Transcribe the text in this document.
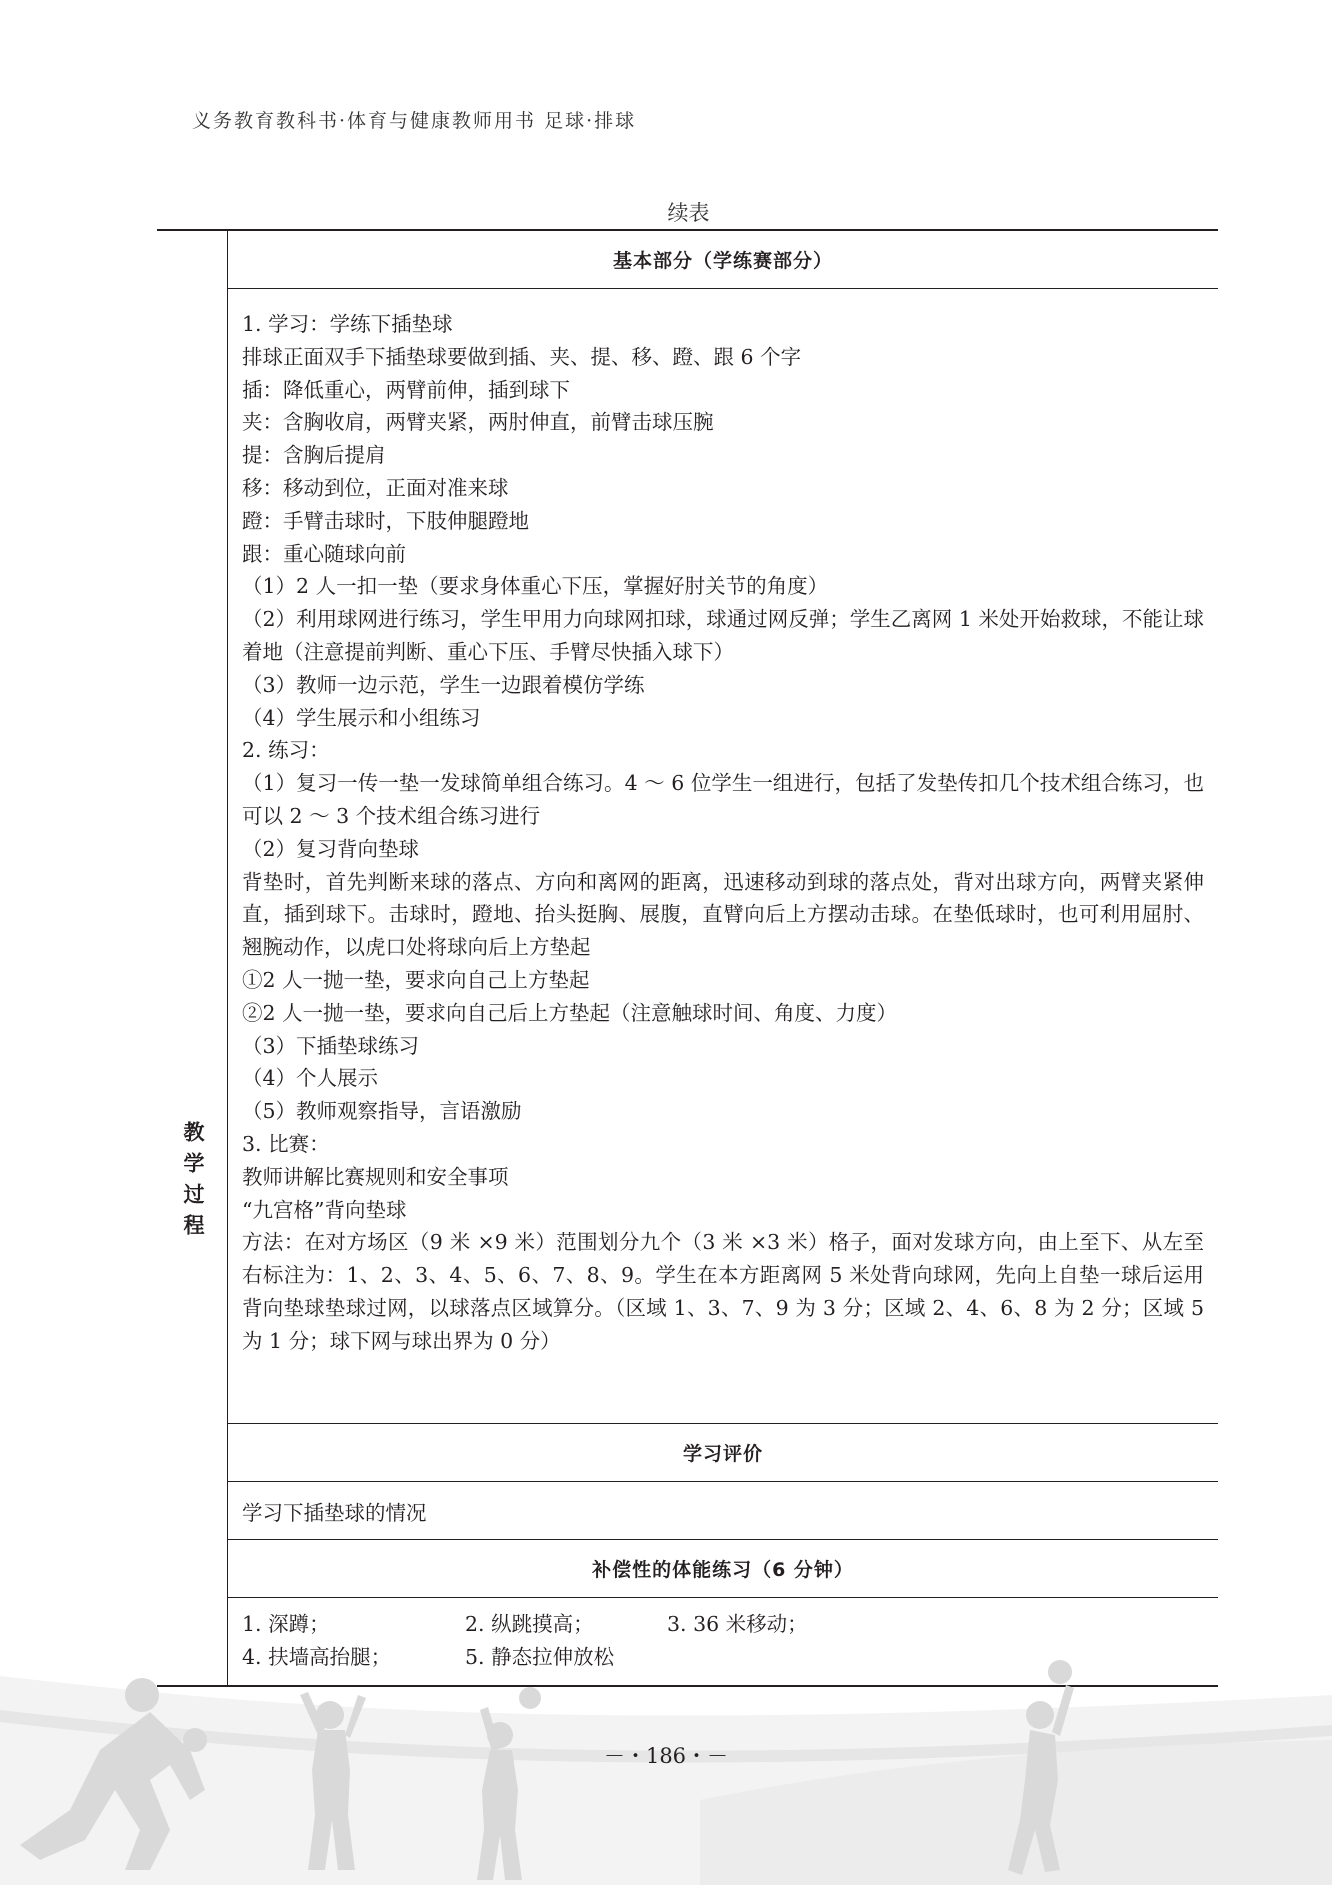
义务教育教科书·体育与健康教师用书 足球·排球
续表
教学过程
基本部分（学练赛部分）
1. 学习：学练下插垫球
排球正面双手下插垫球要做到插、夹、提、移、蹬、跟 6 个字
插：降低重心，两臂前伸，插到球下
夹：含胸收肩，两臂夹紧，两肘伸直，前臂击球压腕
提：含胸后提肩
移：移动到位，正面对准来球
蹬：手臂击球时，下肢伸腿蹬地
跟：重心随球向前
（1）2 人一扣一垫（要求身体重心下压，掌握好肘关节的角度）
（2）利用球网进行练习，学生甲用力向球网扣球，球通过网反弹；学生乙离网 1 米处开始救球，不能让球着地（注意提前判断、重心下压、手臂尽快插入球下）
（3）教师一边示范，学生一边跟着模仿学练
（4）学生展示和小组练习
2. 练习：
（1）复习一传一垫一发球简单组合练习。4 ～ 6 位学生一组进行，包括了发垫传扣几个技术组合练习，也可以 2 ～ 3 个技术组合练习进行
（2）复习背向垫球
背垫时，首先判断来球的落点、方向和离网的距离，迅速移动到球的落点处，背对出球方向，两臂夹紧伸直，插到球下。击球时，蹬地、抬头挺胸、展腹，直臂向后上方摆动击球。在垫低球时，也可利用屈肘、翘腕动作，以虎口处将球向后上方垫起
①2 人一抛一垫，要求向自己上方垫起
②2 人一抛一垫，要求向自己后上方垫起（注意触球时间、角度、力度）
（3）下插垫球练习
（4）个人展示
（5）教师观察指导，言语激励
3. 比赛：
教师讲解比赛规则和安全事项
“九宫格”背向垫球
方法：在对方场区（9 米 ×9 米）范围划分九个（3 米 ×3 米）格子，面对发球方向，由上至下、从左至右标注为：1、2、3、4、5、6、7、8、9。学生在本方距离网 5 米处背向球网，先向上自垫一球后运用背向垫球垫球过网，以球落点区域算分。（区域 1、3、7、9 为 3 分；区域 2、4、6、8 为 2 分；区域 5 为 1 分；球下网与球出界为 0 分）
学习评价
学习下插垫球的情况
补偿性的体能练习（6 分钟）
1. 深蹲；	2. 纵跳摸高；	3. 36 米移动；
4. 扶墙高抬腿；	5. 静态拉伸放松
－・186・－
